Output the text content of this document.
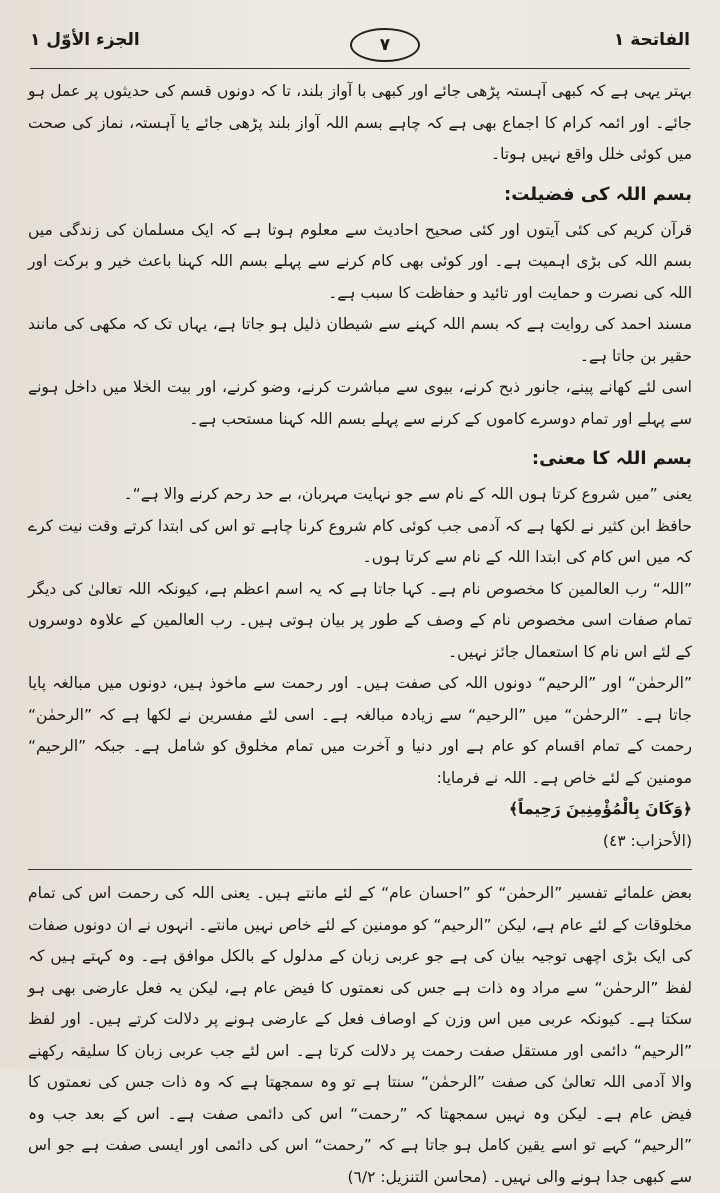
الجزء الأوّل ١	۷	الفاتحة ١

بہتر یہی ہے کہ کبھی آہستہ پڑھی جائے اور کبھی با آواز بلند، تا کہ دونوں قسم کی حدیثوں پر عمل ہو جائے۔ اور ائمہ کرام کا اجماع بھی ہے کہ چاہے بسم اللہ آواز بلند پڑھی جائے یا آہستہ، نماز کی صحت میں کوئی خلل واقع نہیں ہوتا۔

بسم اللہ کی فضیلت:

قرآن کریم کی کئی آیتوں اور کئی صحیح احادیث سے معلوم ہوتا ہے کہ ایک مسلمان کی زندگی میں بسم اللہ کی بڑی اہمیت ہے۔ اور کوئی بھی کام کرنے سے پہلے بسم اللہ کہنا باعث خیر و برکت اور اللہ کی نصرت و حمایت اور تائید و حفاظت کا سبب ہے۔

مسند احمد کی روایت ہے کہ بسم اللہ کہنے سے شیطان ذلیل ہو جاتا ہے، یہاں تک کہ مکھی کی مانند حقیر بن جاتا ہے۔

اسی لئے کھانے پینے، جانور ذبح کرنے، بیوی سے مباشرت کرنے، وضو کرنے، اور بیت الخلا میں داخل ہونے سے پہلے اور تمام دوسرے کاموں کے کرنے سے پہلے بسم اللہ کہنا مستحب ہے۔

بسم اللہ کا معنی:

یعنی ”میں شروع کرتا ہوں اللہ کے نام سے جو نہایت مہربان، بے حد رحم کرنے والا ہے“۔

حافظ ابن کثیر نے لکھا ہے کہ آدمی جب کوئی کام شروع کرنا چاہے تو اس کی ابتدا کرتے وقت نیت کرے کہ میں اس کام کی ابتدا اللہ کے نام سے کرتا ہوں۔

”اللہ“ رب العالمین کا مخصوص نام ہے۔ کہا جاتا ہے کہ یہ اسم اعظم ہے، کیونکہ اللہ تعالیٰ کی دیگر تمام صفات اسی مخصوص نام کے وصف کے طور پر بیان ہوتی ہیں۔ رب العالمین کے علاوہ دوسروں کے لئے اس نام کا استعمال جائز نہیں۔

”الرحمٰن“ اور ”الرحیم“ دونوں اللہ کی صفت ہیں۔ اور رحمت سے ماخوذ ہیں، دونوں میں مبالغہ پایا جاتا ہے۔ ”الرحمٰن“ میں ”الرحیم“ سے زیادہ مبالغہ ہے۔ اسی لئے مفسرین نے لکھا ہے کہ ”الرحمٰن“ رحمت کے تمام اقسام کو عام ہے اور دنیا و آخرت میں تمام مخلوق کو شامل ہے۔ جبکہ ”الرحیم“ مومنین کے لئے خاص ہے۔ اللہ نے فرمایا:

﴿وَكَانَ بِالْمُؤْمِنِينَ رَحِيماً﴾

(الأحزاب: ٤٣)

بعض علمائے تفسیر ”الرحمٰن“ کو ”احسان عام“ کے لئے مانتے ہیں۔ یعنی اللہ کی رحمت اس کی تمام مخلوقات کے لئے عام ہے، لیکن ”الرحیم“ کو مومنین کے لئے خاص نہیں مانتے۔ انہوں نے ان دونوں صفات کی ایک بڑی اچھی توجیہ بیان کی ہے جو عربی زبان کے مدلول کے بالکل موافق ہے۔ وہ کہتے ہیں کہ لفظ ”الرحمٰن“ سے مراد وہ ذات ہے جس کی نعمتوں کا فیض عام ہے، لیکن یہ فعل عارضی بھی ہو سکتا ہے۔ کیونکہ عربی میں اس وزن کے اوصاف فعل کے عارضی ہونے پر دلالت کرتے ہیں۔ اور لفظ ”الرحیم“ دائمی اور مستقل صفت رحمت پر دلالت کرتا ہے۔ اس لئے جب عربی زبان کا سلیقہ رکھنے والا آدمی اللہ تعالیٰ کی صفت ”الرحمٰن“ سنتا ہے تو وہ سمجھتا ہے کہ وہ ذات جس کی نعمتوں کا فیض عام ہے۔ لیکن وہ نہیں سمجھتا کہ ”رحمت“ اس کی دائمی صفت ہے۔ اس کے بعد جب وہ ”الرحیم“ کہے تو اسے یقین کامل ہو جاتا ہے کہ ”رحمت“ اس کی دائمی اور ایسی صفت ہے جو اس سے کبھی جدا ہونے والی نہیں۔ (محاسن التنزیل: ٦/٢)
